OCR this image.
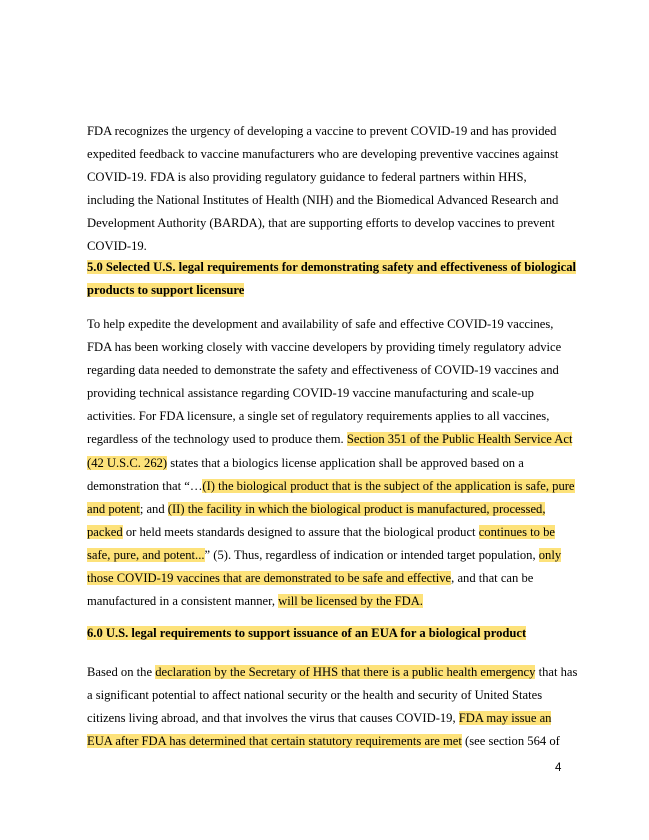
FDA recognizes the urgency of developing a vaccine to prevent COVID-19 and has provided
expedited feedback to vaccine manufacturers who are developing preventive vaccines against
COVID-19. FDA is also providing regulatory guidance to federal partners within HHS,
including the National Institutes of Health (NIH) and the Biomedical Advanced Research and
Development Authority (BARDA), that are supporting efforts to develop vaccines to prevent
COVID-19.
5.0 Selected U.S. legal requirements for demonstrating safety and effectiveness of biological
products to support licensure
To help expedite the development and availability of safe and effective COVID-19 vaccines,
FDA has been working closely with vaccine developers by providing timely regulatory advice
regarding data needed to demonstrate the safety and effectiveness of COVID-19 vaccines and
providing technical assistance regarding COVID-19 vaccine manufacturing and scale-up
activities. For FDA licensure, a single set of regulatory requirements applies to all vaccines,
regardless of the technology used to produce them. Section 351 of the Public Health Service Act
(42 U.S.C. 262) states that a biologics license application shall be approved based on a
demonstration that “…(I) the biological product that is the subject of the application is safe, pure
and potent; and (II) the facility in which the biological product is manufactured, processed,
packed or held meets standards designed to assure that the biological product continues to be
safe, pure, and potent...” (5). Thus, regardless of indication or intended target population, only
those COVID-19 vaccines that are demonstrated to be safe and effective, and that can be
manufactured in a consistent manner, will be licensed by the FDA.
6.0 U.S. legal requirements to support issuance of an EUA for a biological product
Based on the declaration by the Secretary of HHS that there is a public health emergency that has
a significant potential to affect national security or the health and security of United States
citizens living abroad, and that involves the virus that causes COVID-19, FDA may issue an
EUA after FDA has determined that certain statutory requirements are met (see section 564 of
4
